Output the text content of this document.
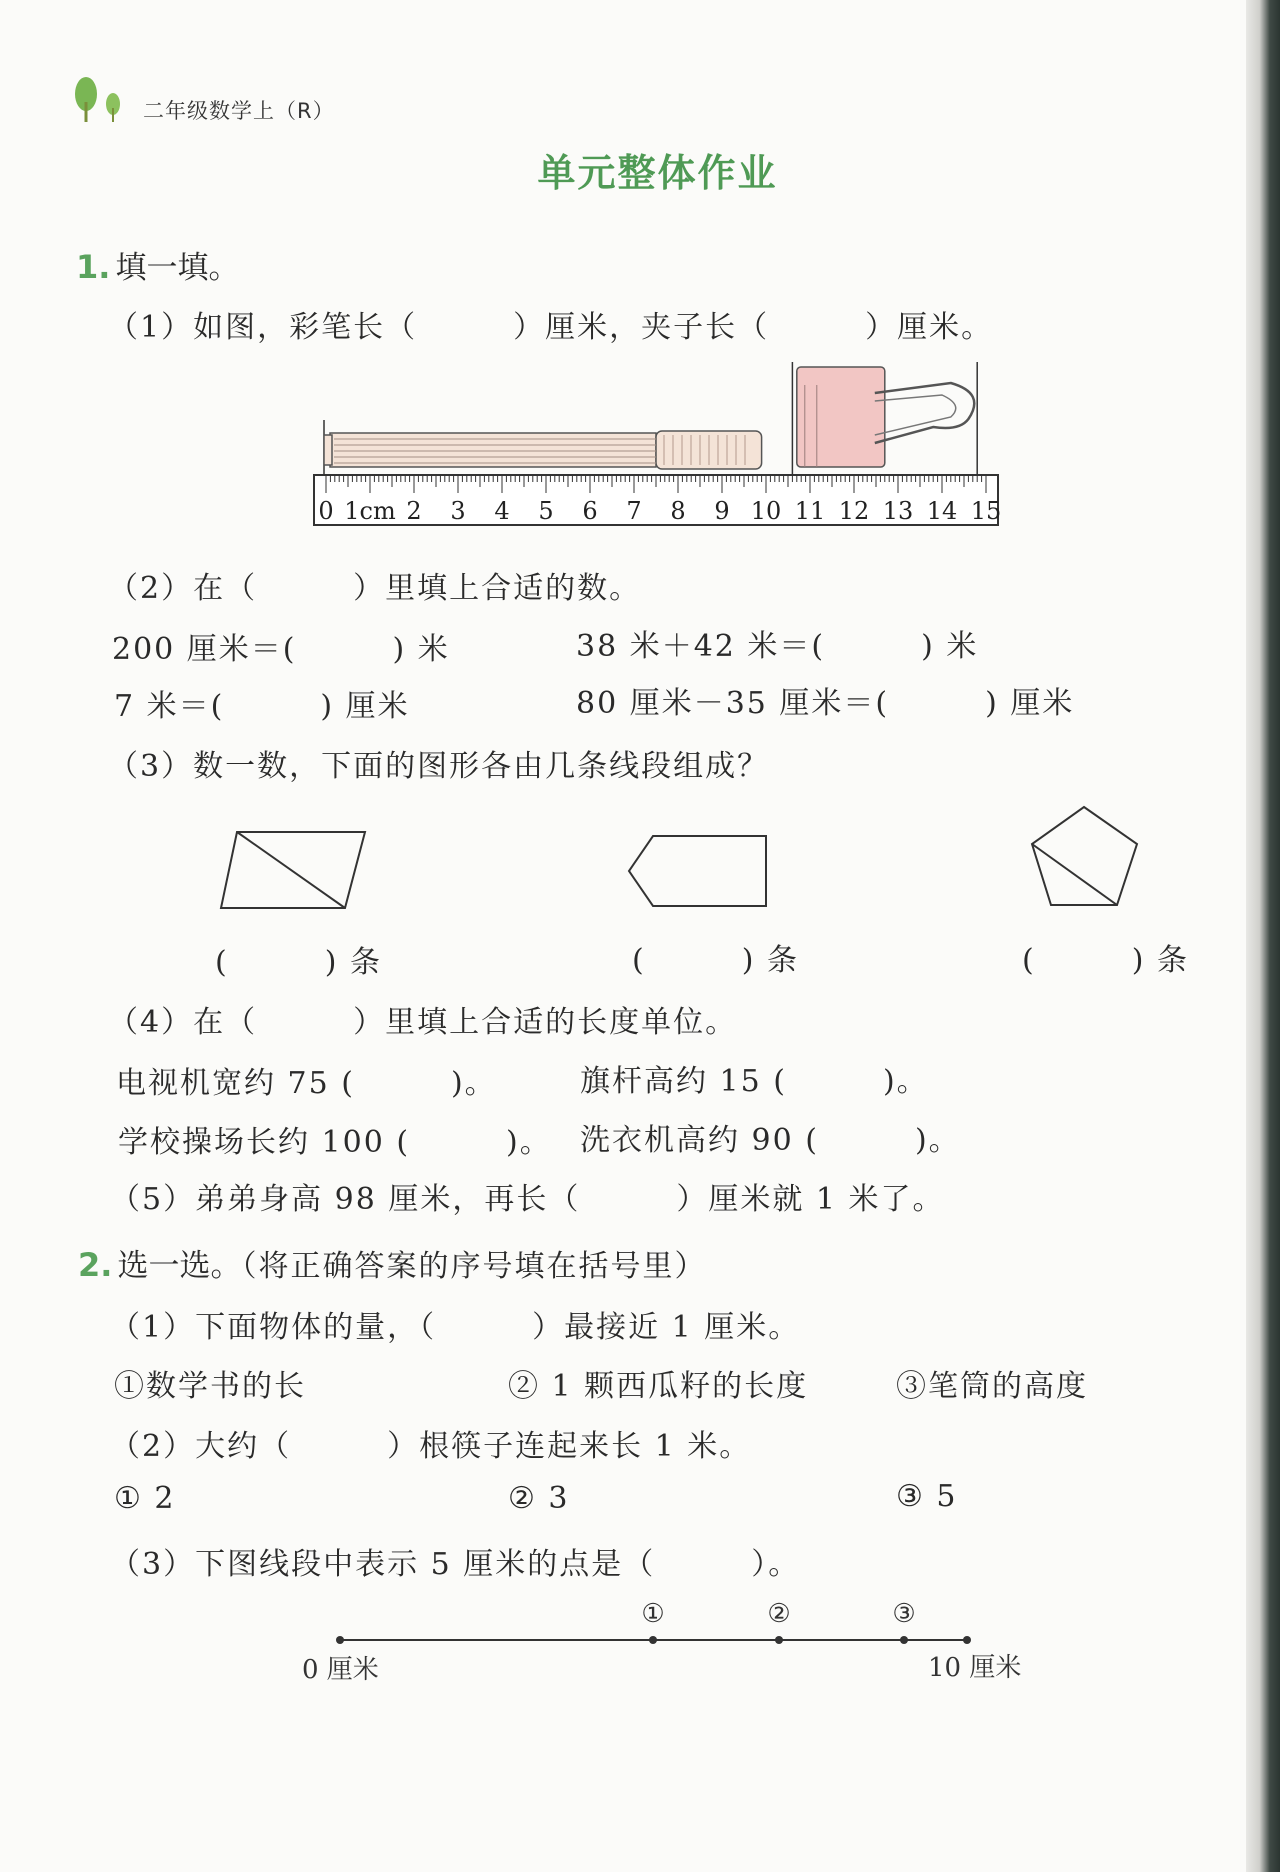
二年级数学上（R）
单元整体作业
1. 填一填。
（1）如图，彩笔长（　　　）厘米，夹子长（　　　）厘米。
0 1cm 2 3 4 5 6 7 8 9 10 11 12 13 14 15
（2）在（　　　）里填上合适的数。
200 厘米＝(　　　) 米	38 米＋42 米＝(　　　) 米
7 米＝(　　　) 厘米	80 厘米－35 厘米＝(　　　) 厘米
（3）数一数，下面的图形各由几条线段组成？
(　　　) 条	(　　　) 条	(　　　) 条
（4）在（　　　）里填上合适的长度单位。
电视机宽约 75 (　　　)。	旗杆高约 15 (　　　)。
学校操场长约 100 (　　　)。 洗衣机高约 90 (　　　)。
（5）弟弟身高 98 厘米，再长（　　　）厘米就 1 米了。
2. 选一选。（将正确答案的序号填在括号里）
（1）下面物体的量，（　　　）最接近 1 厘米。
①数学书的长	② 1 颗西瓜籽的长度	③笔筒的高度
（2）大约（　　　）根筷子连起来长 1 米。
① 2	② 3	③ 5
（3）下图线段中表示 5 厘米的点是（　　　）。
①	②	③
0 厘米	10 厘米
